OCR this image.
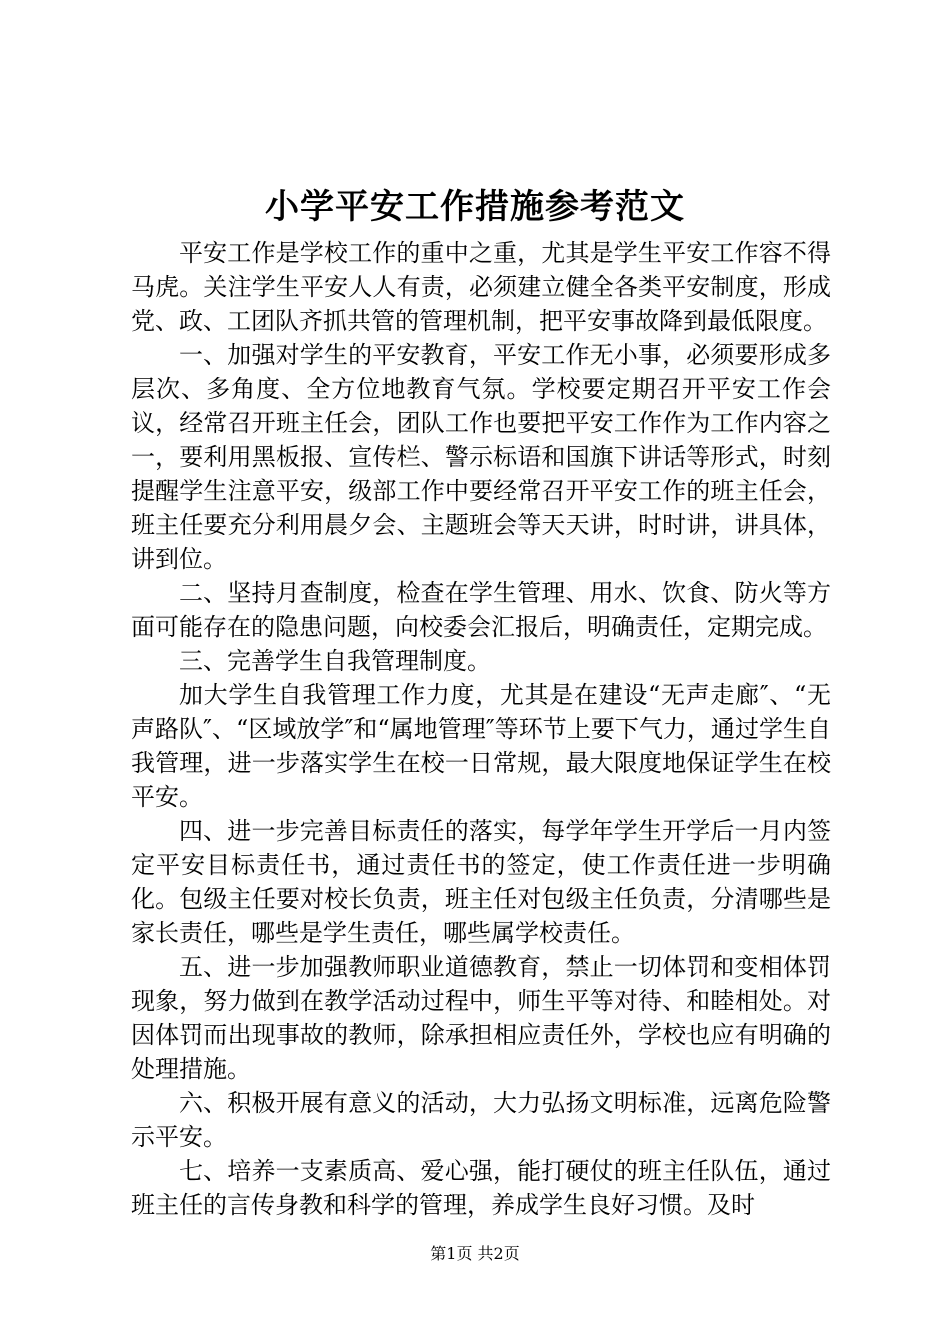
小学平安工作措施参考范文

平安工作是学校工作的重中之重，尤其是学生平安工作容不得马虎。关注学生平安人人有责，必须建立健全各类平安制度，形成党、政、工团队齐抓共管的管理机制，把平安事故降到最低限度。

一、加强对学生的平安教育，平安工作无小事，必须要形成多层次、多角度、全方位地教育气氛。学校要定期召开平安工作会议，经常召开班主任会，团队工作也要把平安工作作为工作内容之一，要利用黑板报、宣传栏、警示标语和国旗下讲话等形式，时刻提醒学生注意平安，级部工作中要经常召开平安工作的班主任会，班主任要充分利用晨夕会、主题班会等天天讲，时时讲，讲具体，讲到位。

二、坚持月查制度，检查在学生管理、用水、饮食、防火等方面可能存在的隐患问题，向校委会汇报后，明确责任，定期完成。

三、完善学生自我管理制度。

加大学生自我管理工作力度，尤其是在建设“无声走廊″、“无声路队″、“区域放学″和“属地管理″等环节上要下气力，通过学生自我管理，进一步落实学生在校一日常规，最大限度地保证学生在校平安。

四、进一步完善目标责任的落实，每学年学生开学后一月内签定平安目标责任书，通过责任书的签定，使工作责任进一步明确化。包级主任要对校长负责，班主任对包级主任负责，分清哪些是家长责任，哪些是学生责任，哪些属学校责任。

五、进一步加强教师职业道德教育，禁止一切体罚和变相体罚现象，努力做到在教学活动过程中，师生平等对待、和睦相处。对因体罚而出现事故的教师，除承担相应责任外，学校也应有明确的处理措施。

六、积极开展有意义的活动，大力弘扬文明标准，远离危险警示平安。

七、培养一支素质高、爱心强，能打硬仗的班主任队伍，通过班主任的言传身教和科学的管理，养成学生良好习惯。及时

第1页 共2页
